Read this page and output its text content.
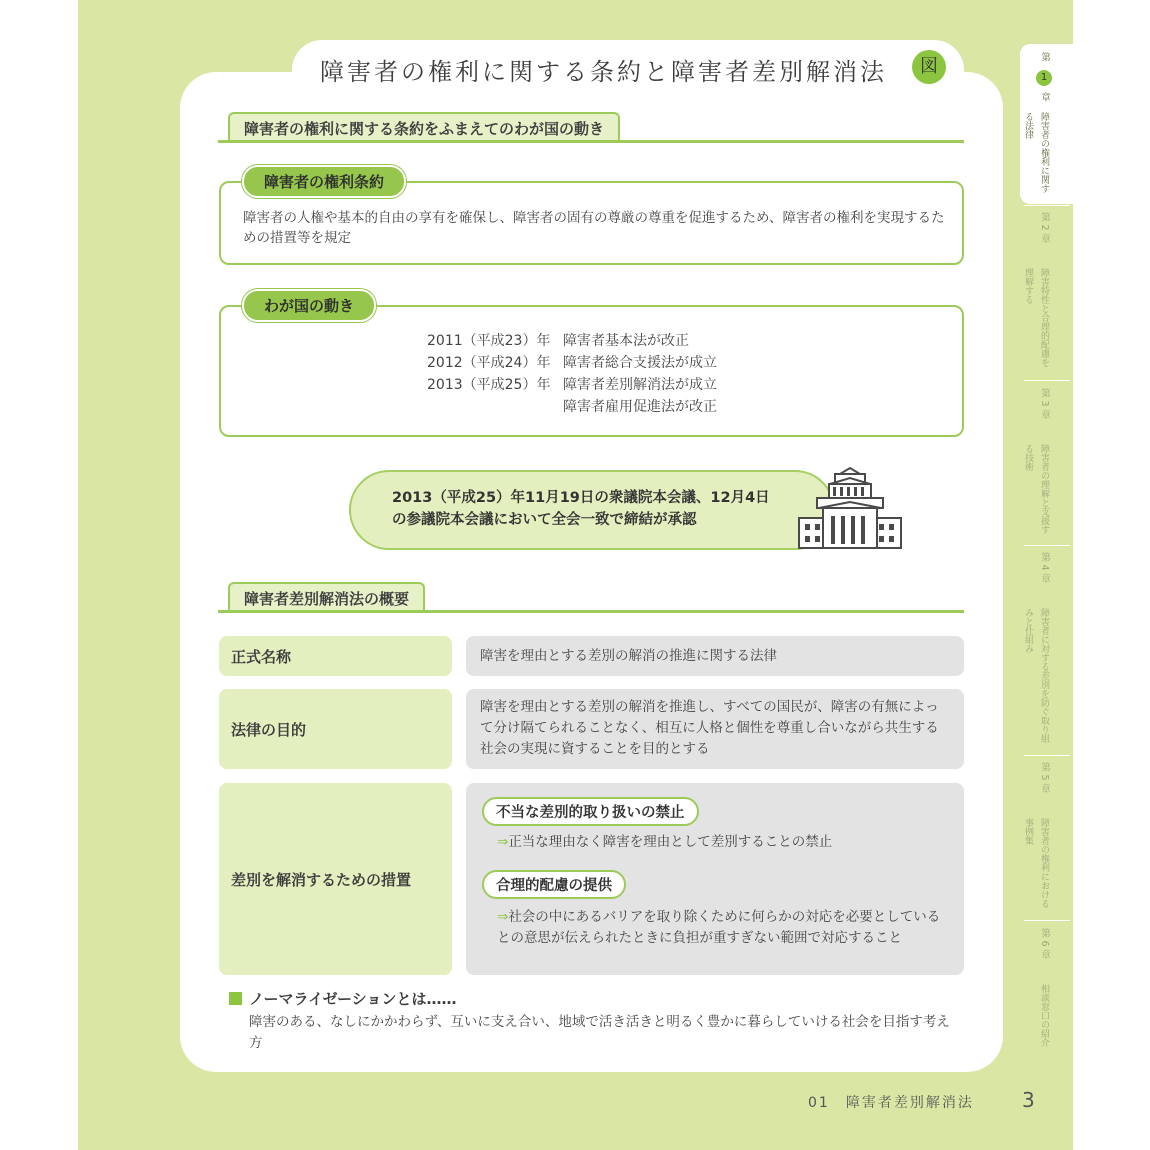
障害者の権利に関する条約と障害者差別解消法	図
障害者の権利に関する条約をふまえてのわが国の動き
障害者の権利条約
障害者の人権や基本的自由の享有を確保し、障害者の固有の尊厳の尊重を促進するため、障害者の権利を実現するための措置等を規定
わが国の動き
2011（平成23）年 障害者基本法が改正
2012（平成24）年 障害者総合支援法が成立
2013（平成25）年 障害者差別解消法が成立
障害者雇用促進法が改正
2013（平成25）年11月19日の衆議院本会議、12月4日
の参議院本会議において全会一致で締結が承認
障害者差別解消法の概要
正式名称	障害を理由とする差別の解消の推進に関する法律
法律の目的
障害を理由とする差別の解消を推進し、すべての国民が、障害の有無によって分け隔てられることなく、相互に人格と個性を尊重し合いながら共生する社会の実現に資することを目的とする
差別を解消するための措置
不当な差別的取り扱いの禁止
⇒正当な理由なく障害を理由として差別することの禁止
合理的配慮の提供
⇒社会の中にあるバリアを取り除くために何らかの対応を必要としているとの意思が伝えられたときに負担が重すぎない範囲で対応すること
ノーマライゼーションとは……
障害のある、なしにかかわらず、互いに支え合い、地域で活き活きと明るく豊かに暮らしていける社会を目指す考え方
第
1
章
障害者の権利に関する法律
第 2 章
障害特性と合理的配慮を理解する
第 3 章
障害者の理解と支援する技術
第 4 章
障害者に対する差別を防ぐ取り組みと仕組み
第 5 章
障害者の権利における事例集
第 6 章
相談窓口の紹介
01　障害者差別解消法 3
